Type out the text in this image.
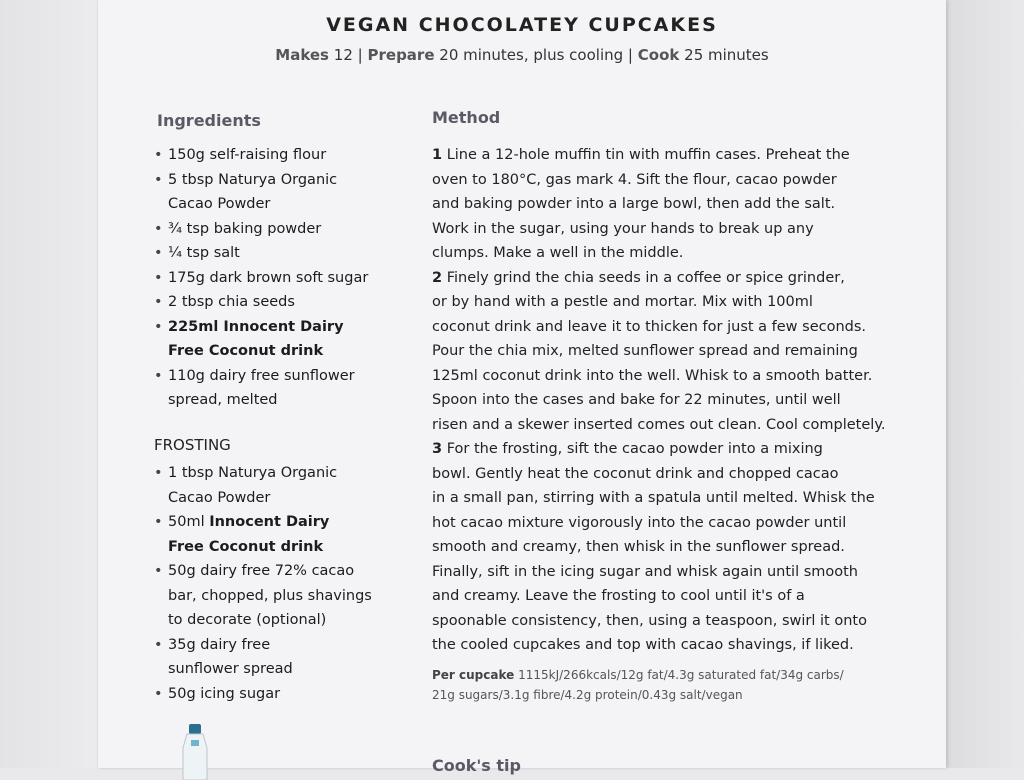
VEGAN CHOCOLATEY CUPCAKES
Makes 12 | Prepare 20 minutes, plus cooling | Cook 25 minutes
Ingredients
• 150g self-raising flour
• 5 tbsp Naturya Organic
Cacao Powder
• ¾ tsp baking powder
• ¼ tsp salt
• 175g dark brown soft sugar
• 2 tbsp chia seeds
• 225ml Innocent Dairy
Free Coconut drink
• 110g dairy free sunflower
spread, melted
FROSTING
• 1 tbsp Naturya Organic
Cacao Powder
• 50ml Innocent Dairy
Free Coconut drink
• 50g dairy free 72% cacao
bar, chopped, plus shavings
to decorate (optional)
• 35g dairy free
sunflower spread
• 50g icing sugar
Method

1 Line a 12-hole muffin tin with muffin cases. Preheat the

oven to 180°C, gas mark 4. Sift the flour, cacao powder

and baking powder into a large bowl, then add the salt.

Work in the sugar, using your hands to break up any

clumps. Make a well in the middle.

2 Finely grind the chia seeds in a coffee or spice grinder,

or by hand with a pestle and mortar. Mix with 100ml

coconut drink and leave it to thicken for just a few seconds.

Pour the chia mix, melted sunflower spread and remaining

125ml coconut drink into the well. Whisk to a smooth batter.

Spoon into the cases and bake for 22 minutes, until well

risen and a skewer inserted comes out clean. Cool completely.

3 For the frosting, sift the cacao powder into a mixing

bowl. Gently heat the coconut drink and chopped cacao

in a small pan, stirring with a spatula until melted. Whisk the

hot cacao mixture vigorously into the cacao powder until

smooth and creamy, then whisk in the sunflower spread.

Finally, sift in the icing sugar and whisk again until smooth

and creamy. Leave the frosting to cool until it's of a

spoonable consistency, then, using a teaspoon, swirl it onto

the cooled cupcakes and top with cacao shavings, if liked.

Per cupcake 1115kJ/266kcals/12g fat/4.3g saturated fat/34g carbs/

21g sugars/3.1g fibre/4.2g protein/0.43g salt/vegan

Cook's tip
